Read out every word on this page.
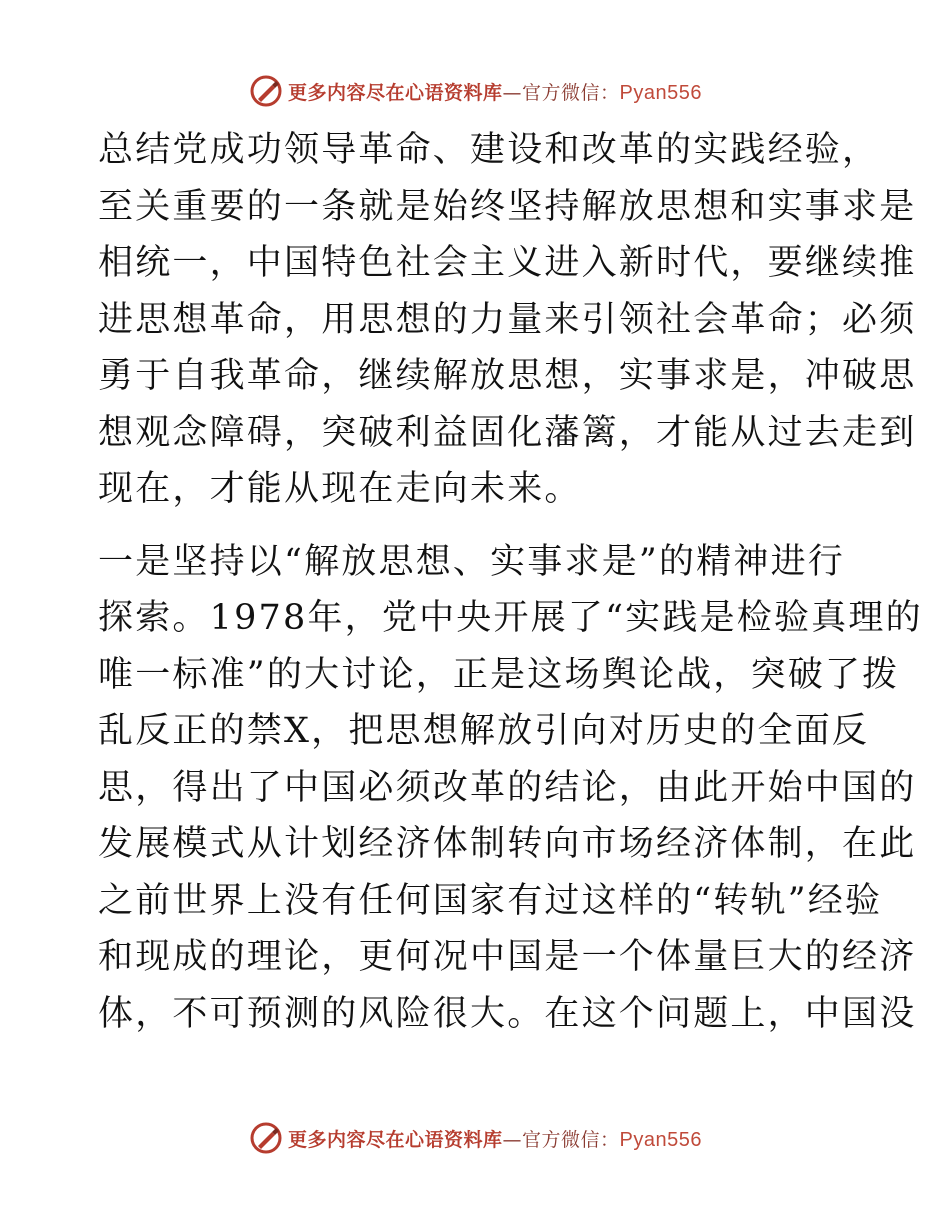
更多内容尽在心语资料库—官方微信：Pyan556
总结党成功领导革命、建设和改革的实践经验，
至关重要的一条就是始终坚持解放思想和实事求是
相统一，中国特色社会主义进入新时代，要继续推
进思想革命，用思想的力量来引领社会革命；必须
勇于自我革命，继续解放思想，实事求是，冲破思
想观念障碍，突破利益固化藩篱，才能从过去走到
现在，才能从现在走向未来。
一是坚持以“解放思想、实事求是”的精神进行
探索。1978年，党中央开展了“实践是检验真理的
唯一标准”的大讨论，正是这场舆论战，突破了拨
乱反正的禁X，把思想解放引向对历史的全面反
思，得出了中国必须改革的结论，由此开始中国的
发展模式从计划经济体制转向市场经济体制，在此
之前世界上没有任何国家有过这样的“转轨”经验
和现成的理论，更何况中国是一个体量巨大的经济
体，不可预测的风险很大。在这个问题上，中国没
更多内容尽在心语资料库—官方微信：Pyan556
